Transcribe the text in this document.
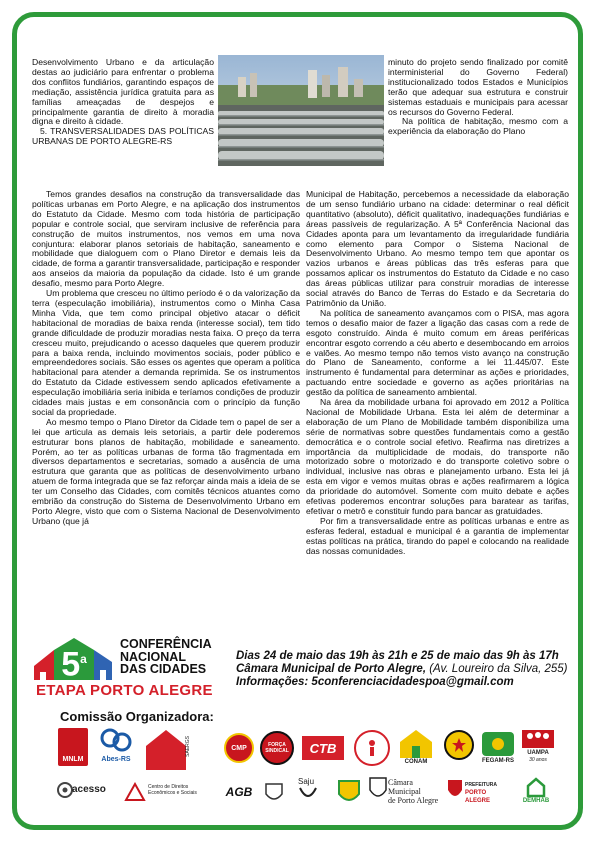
Desenvolvimento Urbano e da articulação destas ao judiciário para enfrentar o problema dos conflitos fundiários, garantindo espaços de mediação, assistência jurídica gratuita para as famílias ameaçadas de despejos e principalmente garantia de direito à moradia digna e direito à cidade.

5. TRANSVERSALIDADES DAS POLÍTICAS URBANAS DE PORTO ALEGRE-RS

minuto do projeto sendo finalizado por comitê interministerial do Governo Federal) institucionalizado todos Estados e Municípios terão que adequar sua estrutura e construir sistemas estaduais e municipais para acessar os recursos do Governo Federal.

Na política de habitação, mesmo com a experiência da elaboração do Plano

Temos grandes desafios na construção da transversalidade das políticas urbanas em Porto Alegre, e na aplicação dos instrumentos do Estatuto da Cidade. Mesmo com toda história de participação popular e controle social, que serviram inclusive de referência para construção de muitos instrumentos, nos vemos em uma nova conjuntura: elaborar planos setoriais de habitação, saneamento e mobilidade que dialoguem com o Plano Diretor e demais leis da cidade, de forma a garantir transversalidade, participação e responder aos anseios da maioria da população da cidade. Isto é um grande desafio, mesmo para Porto Alegre.

Um problema que cresceu no último período é o da valorização da terra (especulação imobiliária), instrumentos como o Minha Casa Minha Vida, que tem como principal objetivo atacar o déficit habitacional de moradias de baixa renda (interesse social), tem tido grande dificuldade de produzir moradias nesta faixa. O preço da terra cresceu muito, prejudicando o acesso daqueles que querem produzir para a baixa renda, incluindo movimentos sociais, poder público e empreendedores sociais. São esses os agentes que operam a política habitacional para atender a demanda reprimida. Se os instrumentos do Estatuto da Cidade estivessem sendo aplicados efetivamente a especulação imobiliária seria inibida e teríamos condições de produzir cidades mais justas e em consonância com o princípio da função social da propriedade.

Ao mesmo tempo o Plano Diretor da Cidade tem o papel de ser a lei que articula as demais leis setoriais, a partir dele poderemos estruturar bons planos de habitação, mobilidade e saneamento. Porém, ao ter as políticas urbanas de forma tão fragmentada em diversos departamentos e secretarias, somado a ausência de uma estrutura que garanta que as políticas de desenvolvimento urbano atuem de forma integrada que se faz reforçar ainda mais a ideia de se ter um Conselho das Cidades, com comitês técnicos atuantes como embrião da construção do Sistema de Desenvolvimento Urbano em Porto Alegre, visto que com o Sistema Nacional de Desenvolvimento Urbano (que já

Municipal de Habitação, percebemos a necessidade da elaboração de um senso fundiário urbano na cidade: determinar o real déficit quantitativo (absoluto), déficit qualitativo, inadequações fundiárias e áreas passíveis de regularização. A 5ª Conferência Nacional das Cidades aponta para um levantamento da irregularidade fundiária como elemento para Compor o Sistema Nacional de Desenvolvimento Urbano. Ao mesmo tempo tem que apontar os vazios urbanos e áreas públicas das três esferas para que possamos aplicar os instrumentos do Estatuto da Cidade e no caso das áreas públicas utilizar para construir moradias de interesse social através do Banco de Terras do Estado e da Secretaria do Patrimônio da União.

Na política de saneamento avançamos com o PISA, mas agora temos o desafio maior de fazer a ligação das casas com a rede de esgoto construído. Ainda é muito comum em áreas periféricas encontrar esgoto correndo a céu aberto e desembocando em arroios e valões. Ao mesmo tempo não temos visto avanço na construção do Plano de Saneamento, conforme a lei 11.445/07. Este instrumento é fundamental para determinar as ações e prioridades, pactuando entre sociedade e governo as ações prioritárias na gestão da política de saneamento ambiental.

Na área da mobilidade urbana foi aprovado em 2012 a Política Nacional de Mobilidade Urbana. Esta lei além de determinar a elaboração de um Plano de Mobilidade também disponibiliza uma série de normativas sobre questões fundamentais como a gestão democrática e o controle social efetivo. Reafirma nas diretrizes a importância da multiplicidade de modais, do transporte não motorizado sobre o motorizado e do transporte coletivo sobre o individual, inclusive nas obras e planejamento urbano. Esta lei já esta em vigor e vemos muitas obras e ações reafirmarem a lógica da prioridade do automóvel. Somente com muito debate e ações efetivas poderemos encontrar soluções para baratear as tarifas, efetivar o metrô e constituir fundo para bancar as gratuidades.

Por fim a transversalidade entre as políticas urbanas e entre as esferas federal, estadual e municipal é a garantia de implementar estas políticas na prática, tirando do papel e colocando na realidade das nossas comunidades.

5$^a$
CONFERÊNCIA
NACIONAL
DAS CIDADES
ETAPA PORTO ALEGRE
Dias 24 de maio das 19h às 21h e 25 de maio das 9h às 17h
Câmara Municipal de Porto Alegre, (Av. Loureiro da Silva, 255)
Informações: 5conferenciacidadespoa@gmail.com
Comissão Organizadora:
MNLM	Abes-RS
SAERGS	CMP	FORÇA SINDICAL CTB
CONAM	FEGAM-RS
UAMPA
30 anos
acesso	Centro de Direitos Econômicos e Sociais	AGB
Saju	Câmara Municipal
de Porto Alegre
PREFEITURA
PORTO ALEGRE	DEMHAB
